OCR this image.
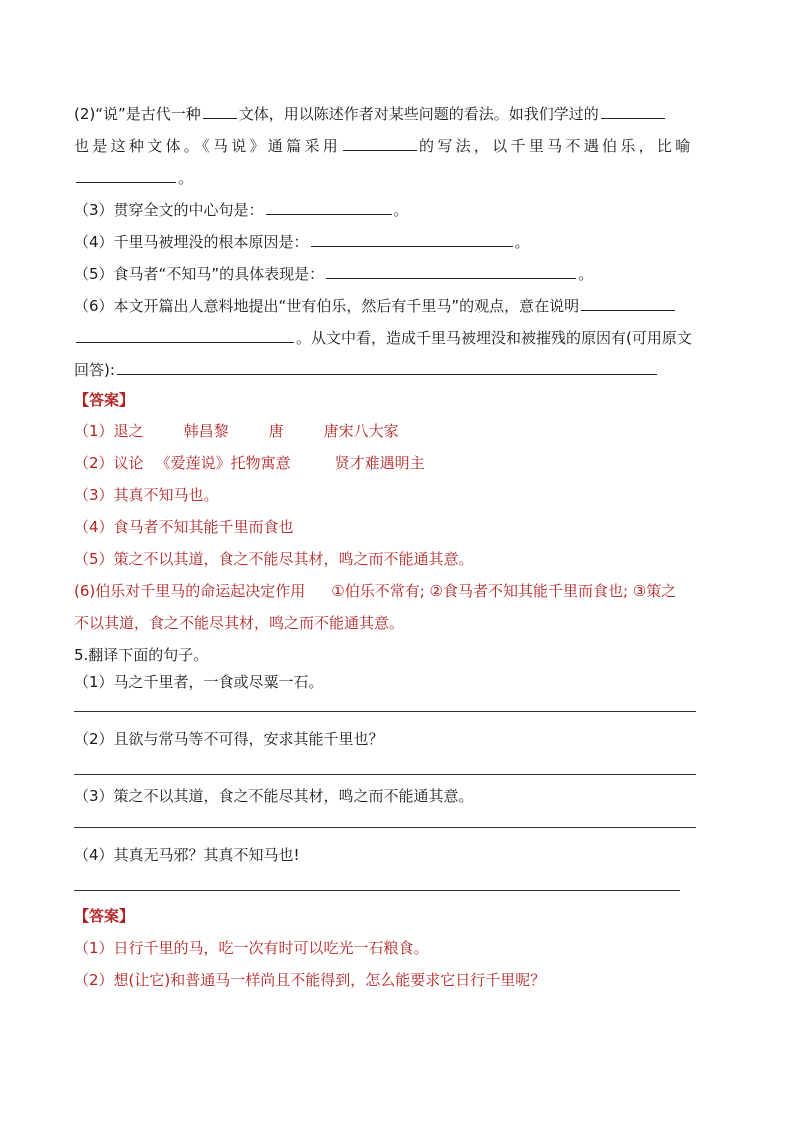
(2)“说”是古代一种	文体，用以陈述作者对某些问题的看法。如我们学过的
也是这种文体。《马说》通篇采用	的写法，以千里马不遇伯乐，比喻
。
（3）贯穿全文的中心句是：	。
（4）千里马被埋没的根本原因是：	。
（5）食马者“不知马”的具体表现是：	。
（6）本文开篇出人意料地提出“世有伯乐，然后有千里马”的观点，意在说明
。从文中看，造成千里马被埋没和被摧残的原因有(可用原文
回答):
【答案】
（1）退之	韩昌黎	唐	唐宋八大家
（2）议论 《爱莲说》托物寓意	贤才难遇明主
（3）其真不知马也。
（4）食马者不知其能千里而食也
（5）策之不以其道，食之不能尽其材，鸣之而不能通其意。
(6)伯乐对千里马的命运起决定作用 ①伯乐不常有; ②食马者不知其能千里而食也; ③策之
不以其道，食之不能尽其材，鸣之而不能通其意。
5.翻译下面的句子。
（1）马之千里者，一食或尽粟一石。
（2）且欲与常马等不可得，安求其能千里也？
（3）策之不以其道，食之不能尽其材，鸣之而不能通其意。
（4）其真无马邪？其真不知马也!
【答案】
（1）日行千里的马，吃一次有时可以吃光一石粮食。
（2）想(让它)和普通马一样尚且不能得到，怎么能要求它日行千里呢？
